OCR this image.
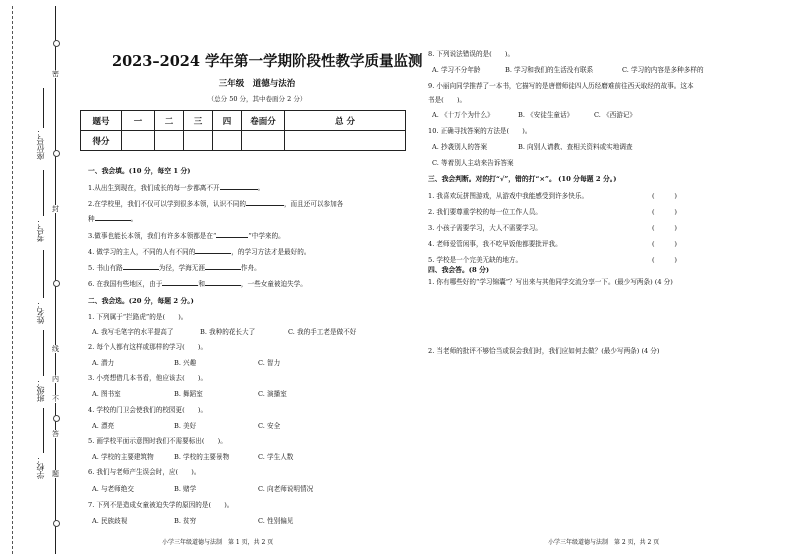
座位号：
考号：
姓名：
班级：
学校：
密
封
线
内
不
答
题
2023–2024 学年第一学期阶段性教学质量监测
三年级　道德与法治
（总分 50 分，其中卷面分 2 分）
题号	一	二	三	四	卷面分	总 分
得分						
一、我会填。(10 分，每空 1 分)
1.从出生到现在，我们成长的每一步都离不开	。
2.在学校里，我们不仅可以学到很多本领，认识不同的	，而且还可以参加各
种	。
3.做事也能长本领，我们有许多本领都是在“	”中学来的。
4. 做学习的主人，不同的人有不同的	，的学习方法才是最好的。
5. 书山有路	为径，学海无涯	作舟。
6. 在我国有些地区，由于	和	，一些女童被迫失学。
二、我会选。(20 分，每题 2 分。)
1. 下列属于“拦路虎”的是(　　)。
A. 我写毛笔字的水平提高了	B. 我种的花长大了	C. 我的手工老是做不好
2. 每个人都有这样或那样的学习(　　)。
A. 潜力	B. 兴趣	C. 智力
3. 小亮想借几本书看，他应该去(　　)。
A. 图书室	B. 舞蹈室	C. 演播室
4. 学校的门卫会使我们的校园更(　　)。
A. 漂亮	B. 美好	C. 安全
5. 画学校平面示意图时我们不需要标出(　　)。
A. 学校的主要建筑物	B. 学校的主要景物	C. 学生人数
6. 我们与老师产生误会时，应(　　)。
A. 与老师绝交	B. 赌学	C. 向老师说明情况
7. 下列不是造成女童被迫失学的原因的是(　　)。
A. 民族歧视	B. 贫穷	C. 性别偏见
小学三年级道德与法制　第 1 页，共 2 页
8. 下列说法错误的是(　　)。
A. 学习不分年龄	B. 学习和我们的生活没有联系	C. 学习的内容是多种多样的
9. 小丽向同学推荐了一本书，它描写的是唐僧师徒四人历经磨难前往西天取经的故事。这本
书是(　　)。
A. 《十万个为什么》	B. 《安徒生童话》	C. 《西游记》
10. 正确寻找答案的方法是(　　)。
A. 抄袭别人的答案	B. 向别人请教、查相关资料或实地调查
C. 等着别人主动来告诉答案
三、我会判断。对的打“√”，错的打“×”。 (10 分每题 2 分。)
1. 我喜欢玩拼图游戏，从游戏中我能感受到许多快乐。	(　　　)
2. 我们要尊重学校的每一位工作人员。	(　　　)
3. 小孩子需要学习，大人不需要学习。	(　　　)
4. 老师爱管闲事，我不吃早饭他都要批评我。	(　　　)
5. 学校是一个完美无缺的地方。	(　　　)
四、我会答。(8 分)
1. 你有哪些好的“学习锦囊”？写出来与其他同学交流分享一下。(最少写两条) (4 分)
2. 当老师的批评不够恰当或误会我们时，我们应如何去做？(最少写两条) (4 分)
小学三年级道德与法制　第 2 页，共 2 页
